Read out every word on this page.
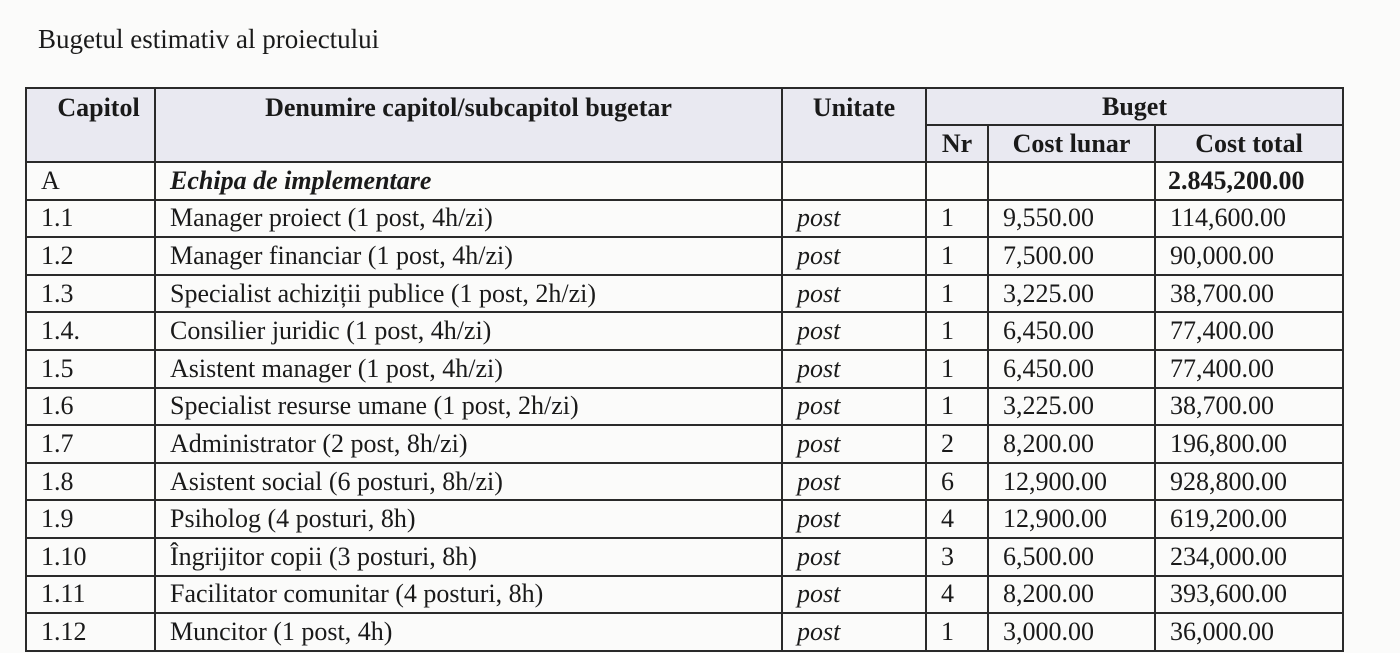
Bugetul estimativ al proiectului
Capitol	Denumire capitol/subcapitol bugetar	Unitate	Buget		
			Nr	Cost lunar	Cost total
A	Echipa de implementare				2.845,200.00
1.1	Manager proiect (1 post, 4h/zi)	post	1	9,550.00	114,600.00
1.2	Manager financiar (1 post, 4h/zi)	post	1	7,500.00	90,000.00
1.3	Specialist achiziții publice (1 post, 2h/zi)	post	1	3,225.00	38,700.00
1.4.	Consilier juridic (1 post, 4h/zi)	post	1	6,450.00	77,400.00
1.5	Asistent manager (1 post, 4h/zi)	post	1	6,450.00	77,400.00
1.6	Specialist resurse umane (1 post, 2h/zi)	post	1	3,225.00	38,700.00
1.7	Administrator (2 post, 8h/zi)	post	2	8,200.00	196,800.00
1.8	Asistent social (6 posturi, 8h/zi)	post	6	12,900.00	928,800.00
1.9	Psiholog (4 posturi, 8h)	post	4	12,900.00	619,200.00
1.10	Îngrijitor copii (3 posturi, 8h)	post	3	6,500.00	234,000.00
1.11	Facilitator comunitar (4 posturi, 8h)	post	4	8,200.00	393,600.00
1.12	Muncitor (1 post, 4h)	post	1	3,000.00	36,000.00
